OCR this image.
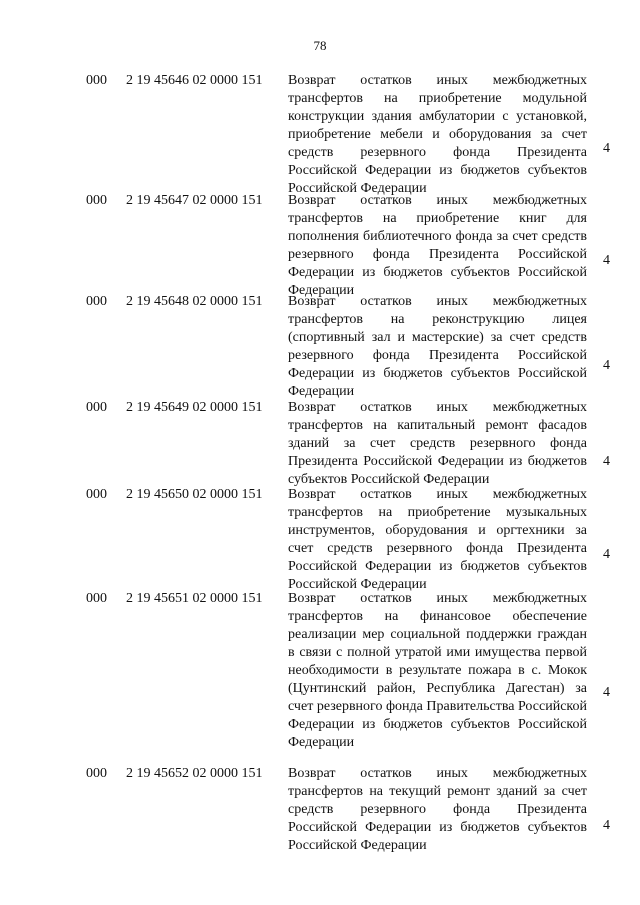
78
000 2 19 45646 02 0000 151 Возврат остатков иных межбюджетных трансфертов на приобретение модульной конструкции здания амбулатории с установкой, приобретение мебели и оборудования за счет средств резервного фонда Президента Российской Федерации из бюджетов субъектов Российской Федерации
4
000 2 19 45647 02 0000 151 Возврат остатков иных межбюджетных трансфертов на приобретение книг для пополнения библиотечного фонда за счет средств резервного фонда Президента Российской Федерации из бюджетов субъектов Российской Федерации
4
000 2 19 45648 02 0000 151 Возврат остатков иных межбюджетных трансфертов на реконструкцию лицея (спортивный зал и мастерские) за счет средств резервного фонда Президента Российской Федерации из бюджетов субъектов Российской Федерации
4
000 2 19 45649 02 0000 151 Возврат остатков иных межбюджетных трансфертов на капитальный ремонт фасадов зданий за счет средств резервного фонда Президента Российской Федерации из бюджетов субъектов Российской Федерации
4
000 2 19 45650 02 0000 151 Возврат остатков иных межбюджетных трансфертов на приобретение музыкальных инструментов, оборудования и оргтехники за счет средств резервного фонда Президента Российской Федерации из бюджетов субъектов Российской Федерации
4
000 2 19 45651 02 0000 151 Возврат остатков иных межбюджетных трансфертов на финансовое обеспечение реализации мер социальной поддержки граждан в связи с полной утратой ими имущества первой необходимости в результате пожара в с. Мокок (Цунтинский район, Республика Дагестан) за счет резервного фонда Правительства Российской Федерации из бюджетов субъектов Российской Федерации
4
000 2 19 45652 02 0000 151 Возврат остатков иных межбюджетных трансфертов на текущий ремонт зданий за счет средств резервного фонда Президента Российской Федерации из бюджетов субъектов Российской Федерации
4
